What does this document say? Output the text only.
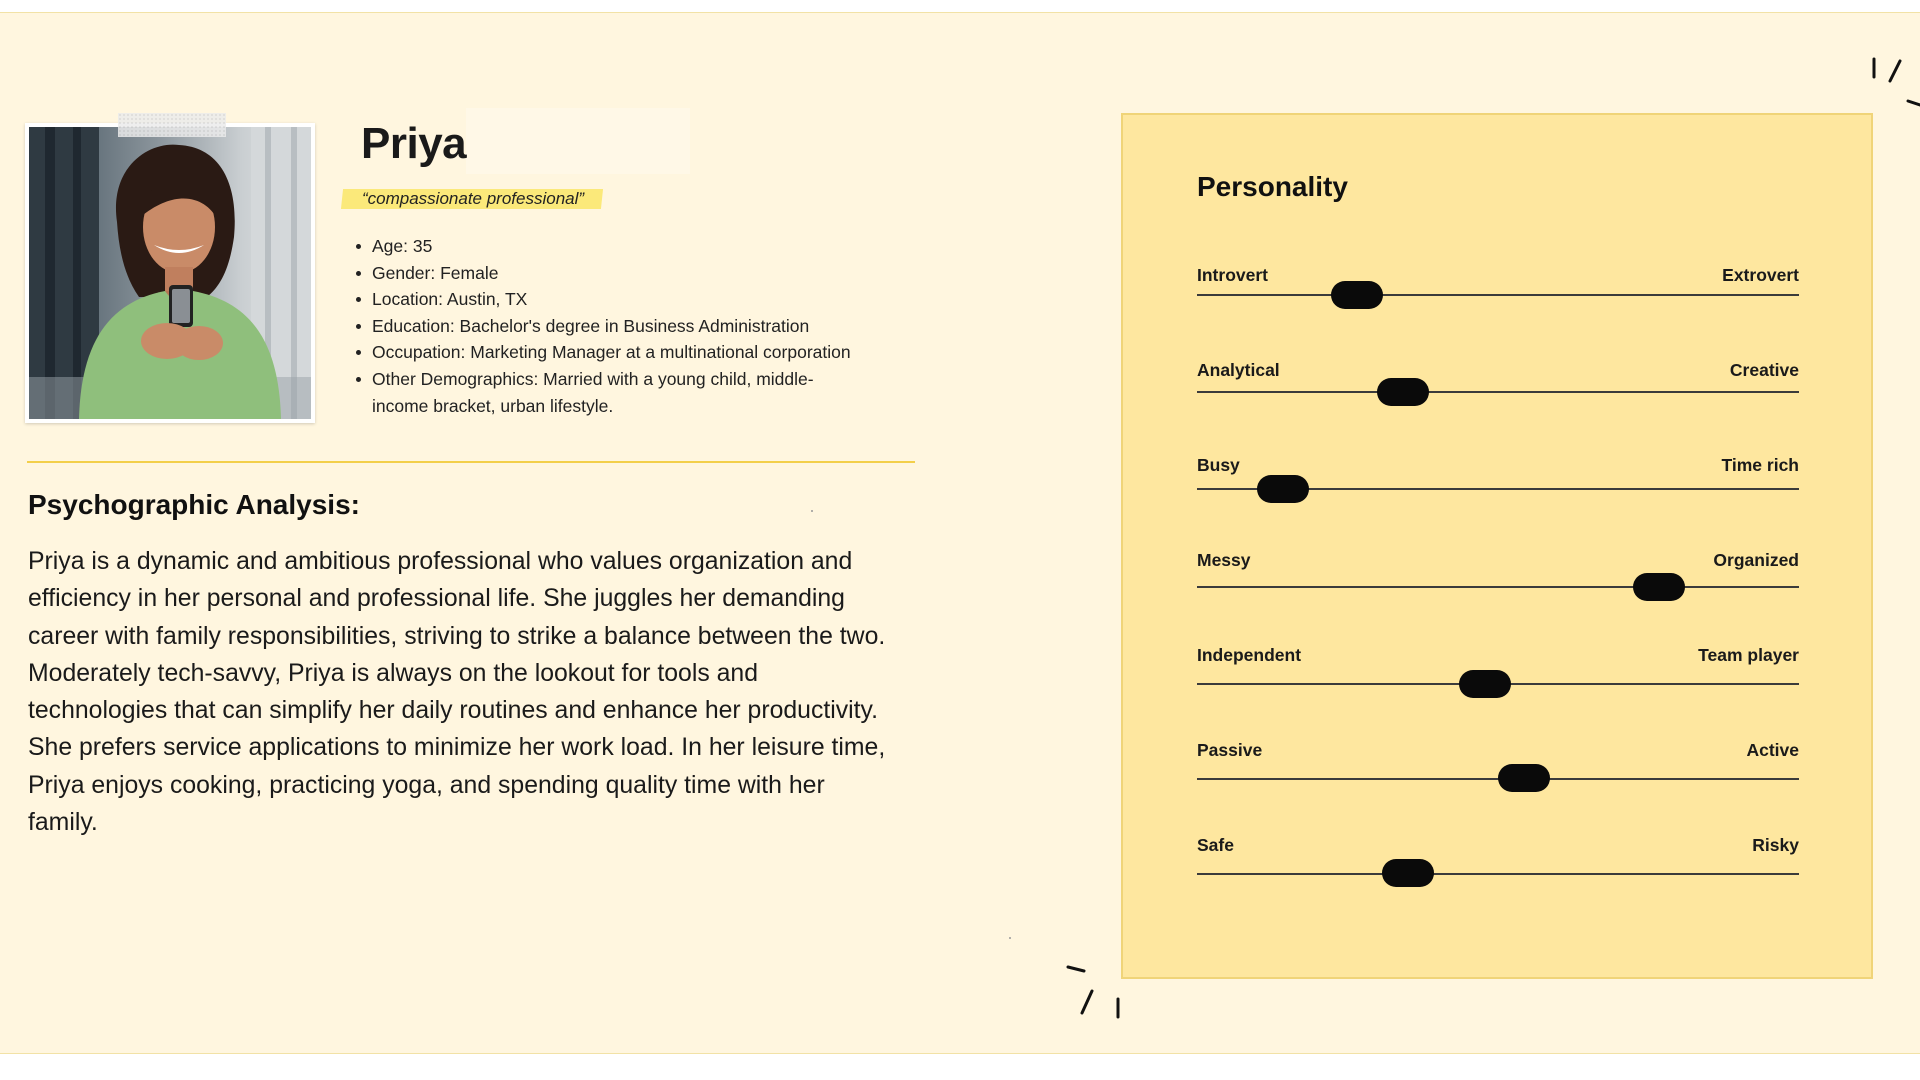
Priya
“compassionate professional”
Age: 35
Gender: Female
Location: Austin, TX
Education: Bachelor's degree in Business Administration
Occupation: Marketing Manager at a multinational corporation
Other Demographics: Married with a young child, middle-income bracket, urban lifestyle.
Psychographic Analysis:
Priya is a dynamic and ambitious professional who values organization and efficiency in her personal and professional life. She juggles her demanding career with family responsibilities, striving to strike a balance between the two. Moderately tech-savvy, Priya is always on the lookout for tools and technologies that can simplify her daily routines and enhance her productivity. She prefers service applications to minimize her work load. In her leisure time, Priya enjoys cooking, practicing yoga, and spending quality time with her family.
Personality
Introvert	Extrovert
Analytical	Creative
Busy	Time rich
Messy	Organized
Independent	Team player
Passive	Active
Safe	Risky
